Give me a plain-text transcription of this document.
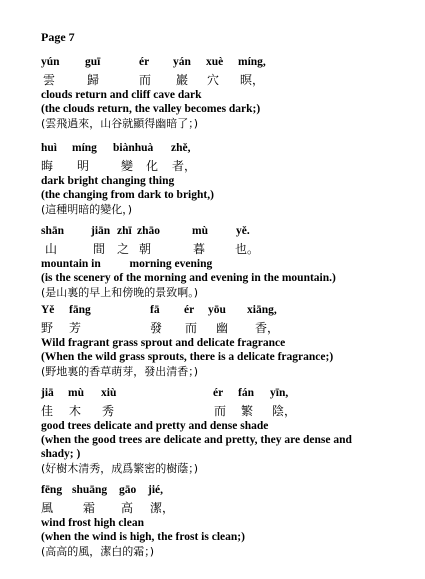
Page 7
yún guī	ér yán xuè míng,
雲	歸	而 巖 穴 暝，
clouds return and cliff cave dark
(the clouds return, the valley becomes dark;)
(雲飛過來，山谷就顯得幽暗了；)
huì míng biànhuà zhě,
晦 明	變 化 者，
dark bright changing thing
(the changing from dark to bright,)
(這種明暗的變化，)
shān jiān zhī zhāo	mù yě.
山	間 之 朝	暮 也。
mountain in          morning evening
(is the scenery of the morning and evening in the mountain.)
(是山裏的早上和傍晚的景致啊。)
Yě fāng	fā ér yōu xiāng,
野 芳	發 而 幽 香，
Wild fragrant grass sprout and delicate fragrance
(When the wild grass sprouts, there is a delicate fragrance;)
(野地裏的香草萌芽，發出清香；)
jiā mù xiù	ér fán yīn,
佳 木 秀	而 繁 陰，
good trees delicate and pretty and dense shade
(when the good trees are delicate and pretty, they are dense and shady; )
(好樹木清秀，成爲繁密的樹蔭；)
fēng shuāng gāo jié,
風 霜 高 潔，
wind frost high clean
(when the wind is high, the frost is clean;)
(高高的風，潔白的霜；)
